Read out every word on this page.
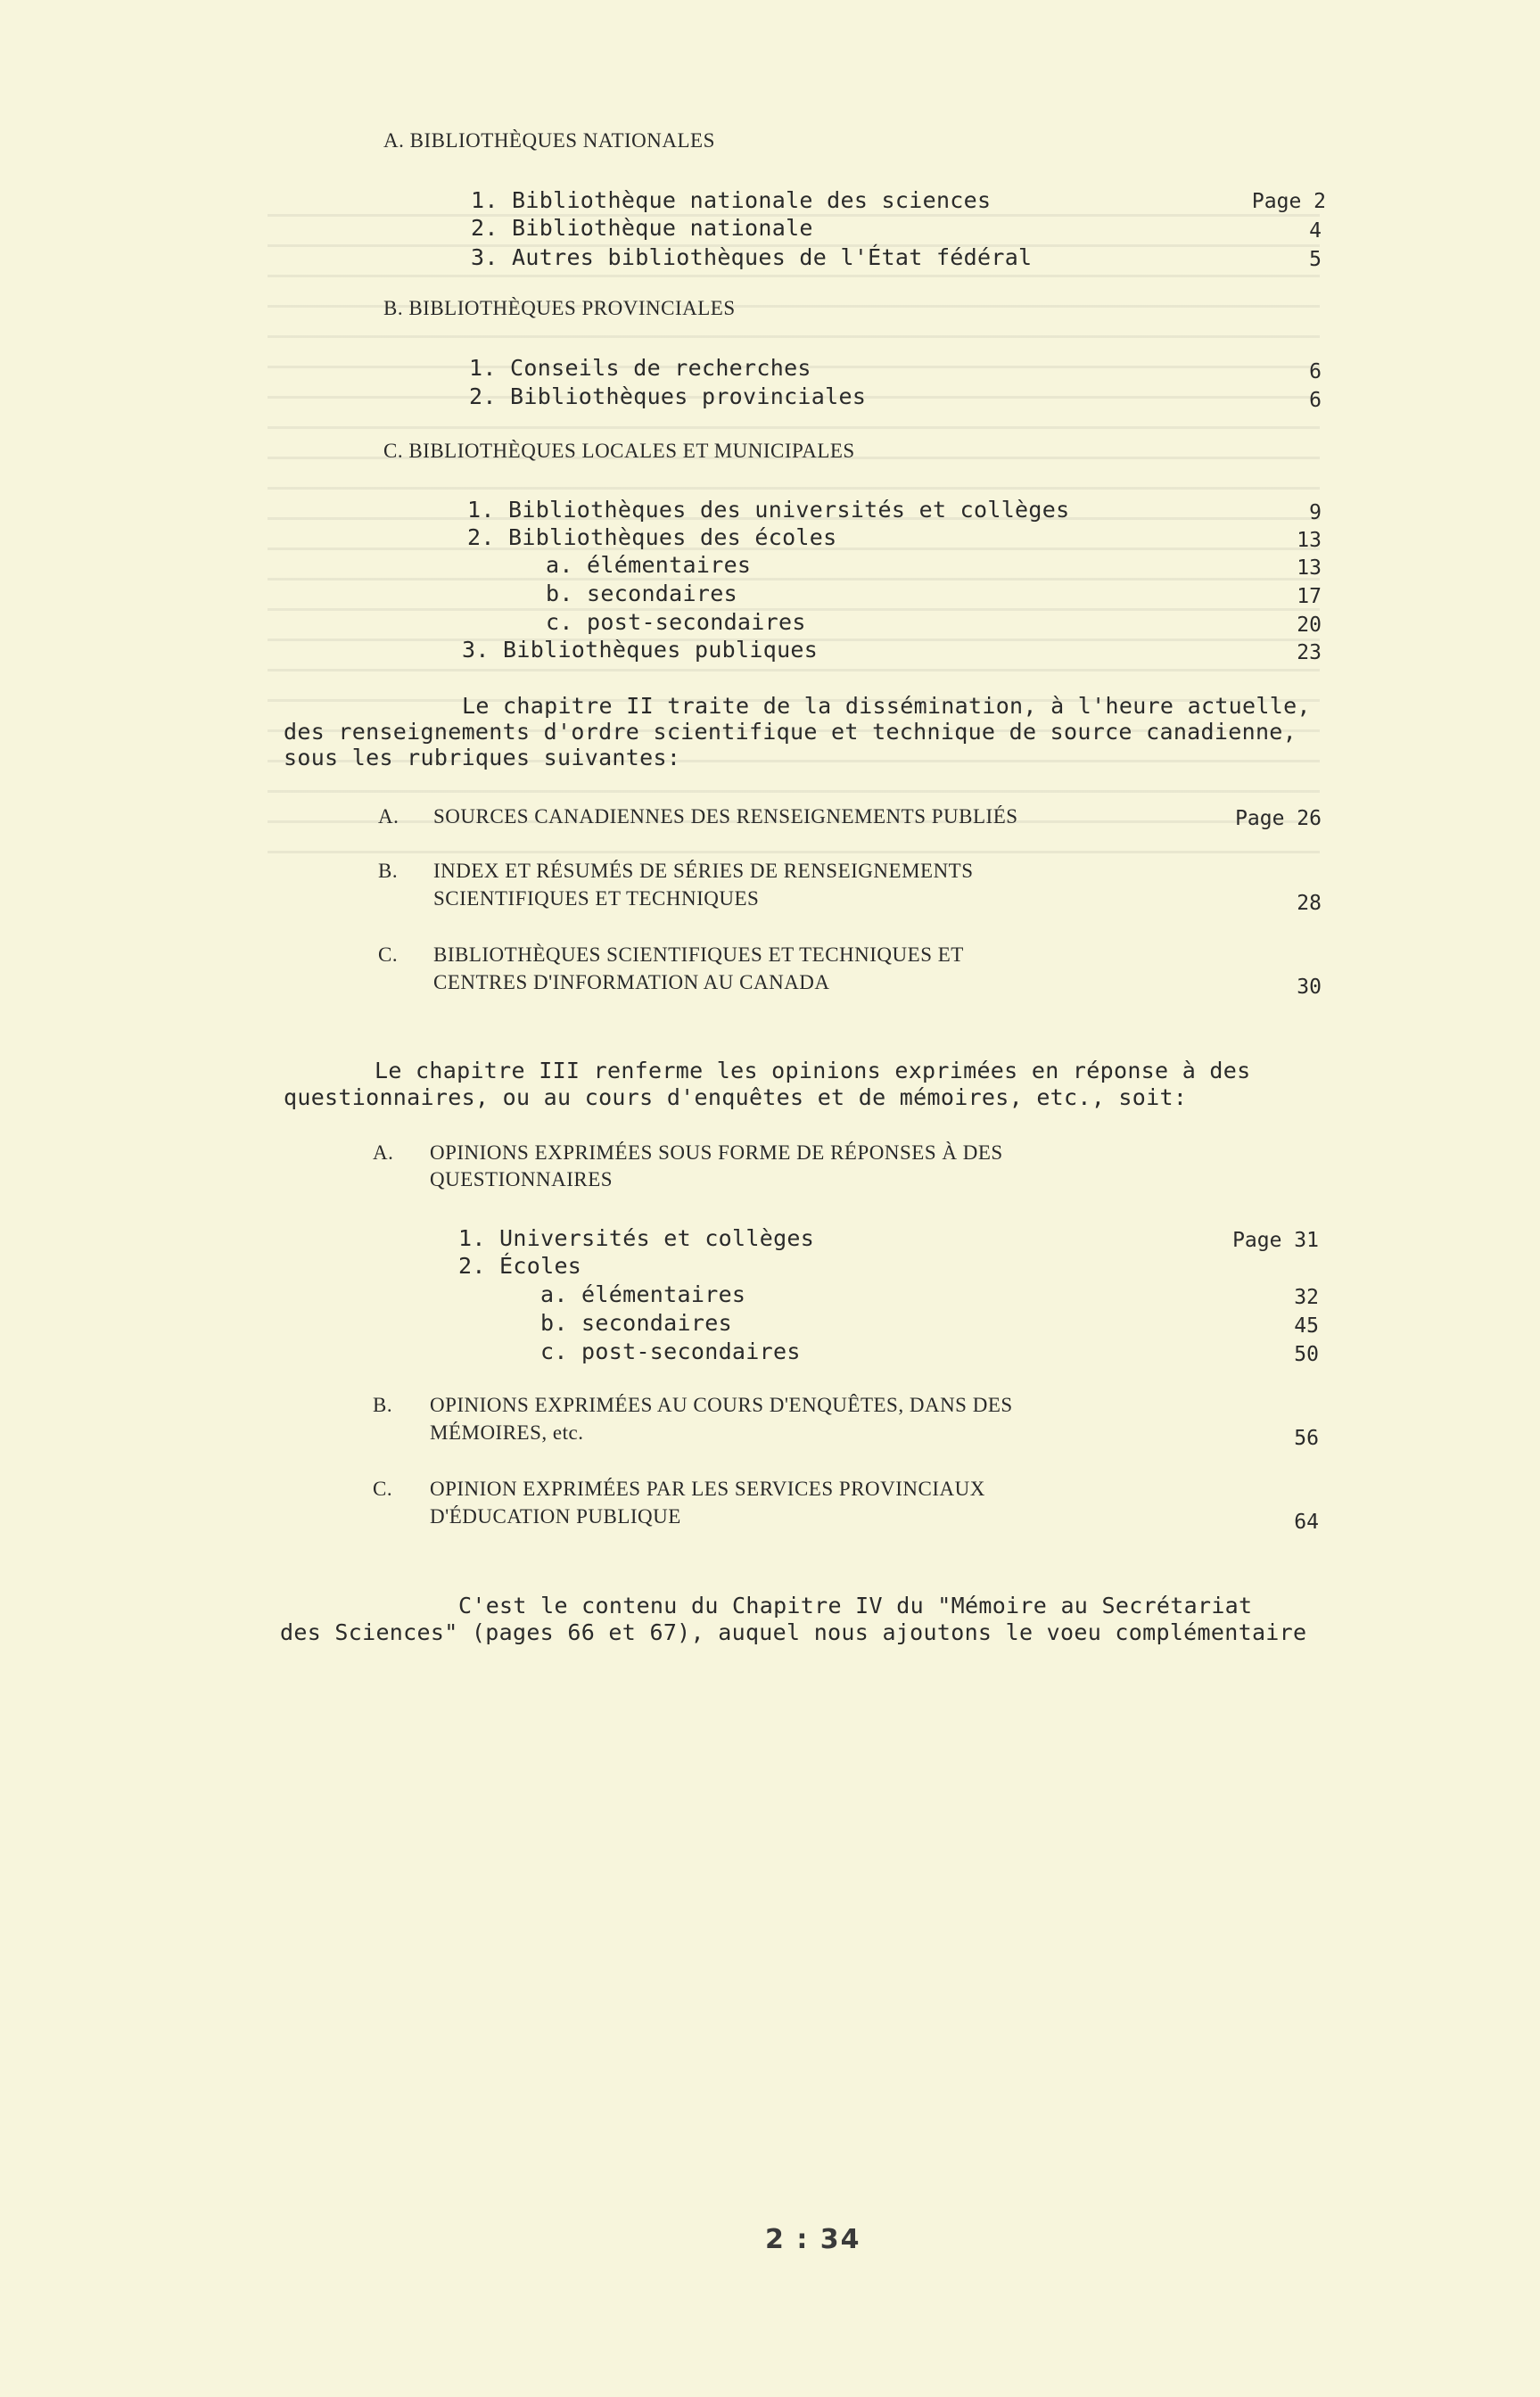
A. BIBLIOTHÈQUES NATIONALES
1. Bibliothèque nationale des sciences	Page 2
2. Bibliothèque nationale	4
3. Autres bibliothèques de l'État fédéral	5
B. BIBLIOTHÈQUES PROVINCIALES
1. Conseils de recherches	6
2. Bibliothèques provinciales	6
C. BIBLIOTHÈQUES LOCALES ET MUNICIPALES
1. Bibliothèques des universités et collèges	9
2. Bibliothèques des écoles	13
a. élémentaires	13
b. secondaires	17
c. post-secondaires	20
3. Bibliothèques publiques	23
Le chapitre II traite de la dissémination, à l'heure actuelle,
des renseignements d'ordre scientifique et technique de source canadienne,
sous les rubriques suivantes:
A. SOURCES CANADIENNES DES RENSEIGNEMENTS PUBLIÉS	Page 26
B. INDEX ET RÉSUMÉS DE SÉRIES DE RENSEIGNEMENTS
SCIENTIFIQUES ET TECHNIQUES	28
C. BIBLIOTHÈQUES SCIENTIFIQUES ET TECHNIQUES ET
CENTRES D'INFORMATION AU CANADA	30
Le chapitre III renferme les opinions exprimées en réponse à des
questionnaires, ou au cours d'enquêtes et de mémoires, etc., soit:
A. OPINIONS EXPRIMÉES SOUS FORME DE RÉPONSES À DES
QUESTIONNAIRES
1. Universités et collèges	Page 31
2. Écoles
a. élémentaires	32
b. secondaires	45
c. post-secondaires	50
B. OPINIONS EXPRIMÉES AU COURS D'ENQUÊTES, DANS DES
MÉMOIRES, etc.	56
C. OPINION EXPRIMÉES PAR LES SERVICES PROVINCIAUX
D'ÉDUCATION PUBLIQUE	64
C'est le contenu du Chapitre IV du "Mémoire au Secrétariat
des Sciences" (pages 66 et 67), auquel nous ajoutons le voeu complémentaire
2 : 34
